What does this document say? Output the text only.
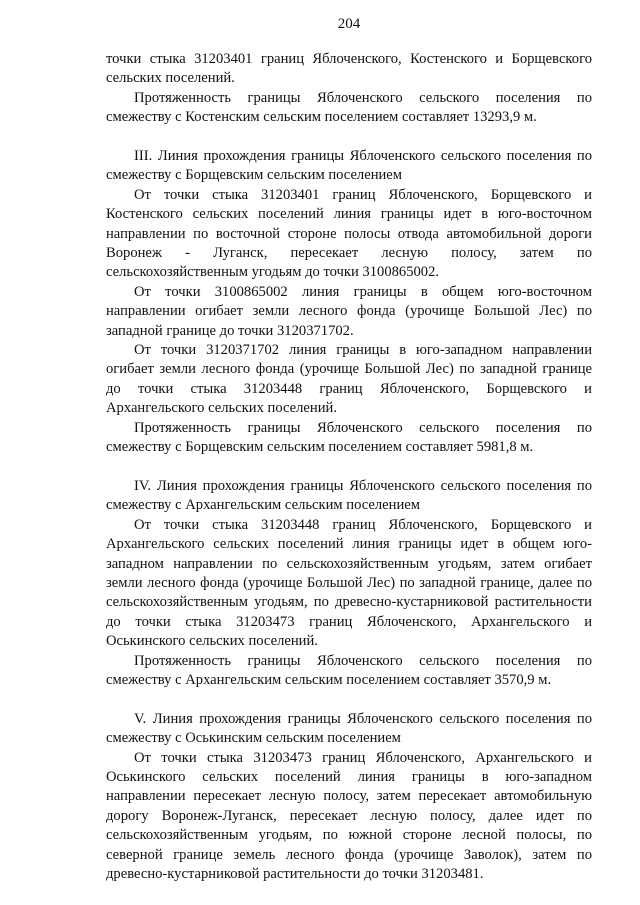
204

точки стыка 31203401 границ Яблоченского, Костенского и Борщевского сельских поселений.

Протяженность границы Яблоченского сельского поселения по смежеству с Костенским сельским поселением составляет 13293,9 м.

III. Линия прохождения границы Яблоченского сельского поселения по смежеству с Борщевским сельским поселением

От точки стыка 31203401 границ Яблоченского, Борщевского и Костенского сельских поселений линия границы идет в юго-восточном направлении по восточной стороне полосы отвода автомобильной дороги Воронеж - Луганск, пересекает лесную полосу, затем по сельскохозяйственным угодьям до точки 3100865002.

От точки 3100865002 линия границы в общем юго-восточном направлении огибает земли лесного фонда (урочище Большой Лес) по западной границе до точки 3120371702.

От точки 3120371702 линия границы в юго-западном направлении огибает земли лесного фонда (урочище Большой Лес) по западной границе до точки стыка 31203448 границ Яблоченского, Борщевского и Архангельского сельских поселений.

Протяженность границы Яблоченского сельского поселения по смежеству с Борщевским сельским поселением составляет 5981,8 м.

IV. Линия прохождения границы Яблоченского сельского поселения по смежеству с Архангельским сельским поселением

От точки стыка 31203448 границ Яблоченского, Борщевского и Архангельского сельских поселений линия границы идет в общем юго-западном направлении по сельскохозяйственным угодьям, затем огибает земли лесного фонда (урочище Большой Лес) по западной границе, далее по сельскохозяйственным угодьям, по древесно-кустарниковой растительности до точки стыка 31203473 границ Яблоченского, Архангельского и Оськинского сельских поселений.

Протяженность границы Яблоченского сельского поселения по смежеству с Архангельским сельским поселением составляет 3570,9 м.

V. Линия прохождения границы Яблоченского сельского поселения по смежеству с Оськинским сельским поселением

От точки стыка 31203473 границ Яблоченского, Архангельского и Оськинского сельских поселений линия границы в юго-западном направлении пересекает лесную полосу, затем пересекает автомобильную дорогу Воронеж-Луганск, пересекает лесную полосу, далее идет по сельскохозяйственным угодьям, по южной стороне лесной полосы, по северной границе земель лесного фонда (урочище Заволок), затем по древесно-кустарниковой растительности до точки 31203481.
